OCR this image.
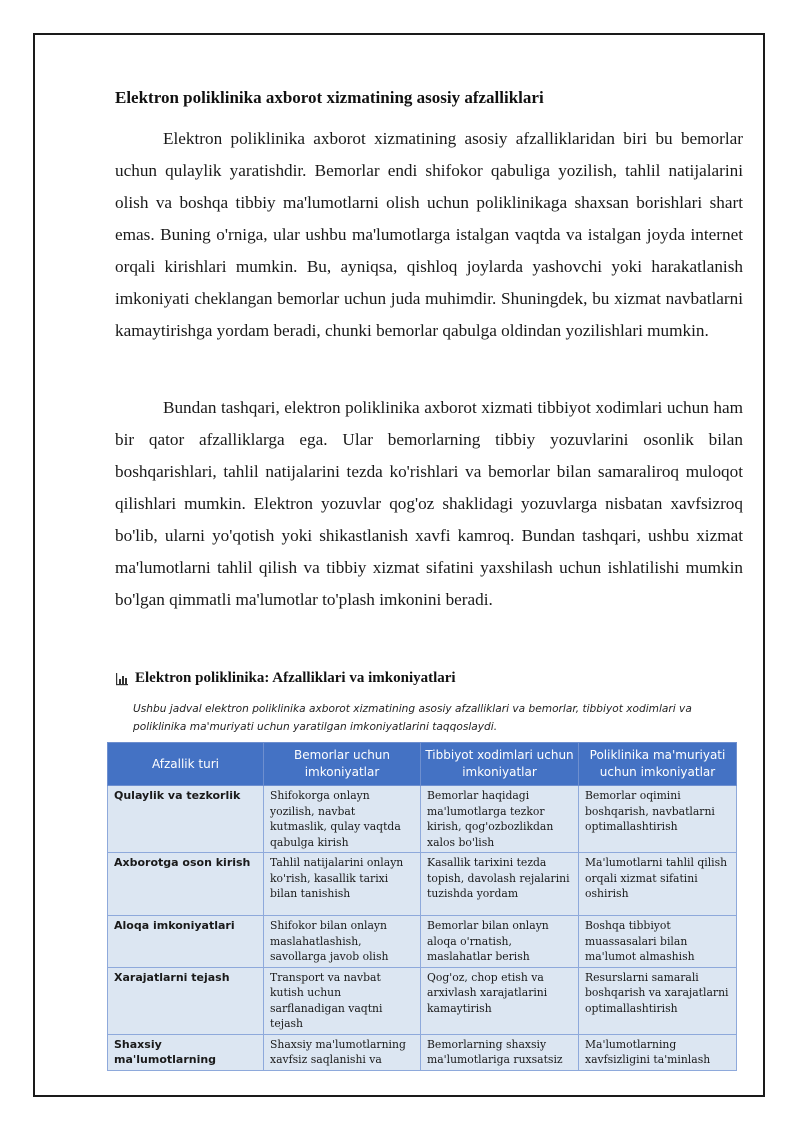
Elektron poliklinika axborot xizmatining asosiy afzalliklari

Elektron poliklinika axborot xizmatining asosiy afzalliklaridan biri bu bemorlar uchun qulaylik yaratishdir. Bemorlar endi shifokor qabuliga yozilish, tahlil natijalarini olish va boshqa tibbiy ma'lumotlarni olish uchun poliklinikaga shaxsan borishlari shart emas. Buning o'rniga, ular ushbu ma'lumotlarga istalgan vaqtda va istalgan joyda internet orqali kirishlari mumkin. Bu, ayniqsa, qishloq joylarda yashovchi yoki harakatlanish imkoniyati cheklangan bemorlar uchun juda muhimdir. Shuningdek, bu xizmat navbatlarni kamaytirishga yordam beradi, chunki bemorlar qabulga oldindan yozilishlari mumkin.

Bundan tashqari, elektron poliklinika axborot xizmati tibbiyot xodimlari uchun ham bir qator afzalliklarga ega. Ular bemorlarning tibbiy yozuvlarini osonlik bilan boshqarishlari, tahlil natijalarini tezda ko'rishlari va bemorlar bilan samaraliroq muloqot qilishlari mumkin. Elektron yozuvlar qog'oz shaklidagi yozuvlarga nisbatan xavfsizroq bo'lib, ularni yo'qotish yoki shikastlanish xavfi kamroq. Bundan tashqari, ushbu xizmat ma'lumotlarni tahlil qilish va tibbiy xizmat sifatini yaxshilash uchun ishlatilishi mumkin bo'lgan qimmatli ma'lumotlar to'plash imkonini beradi.

Elektron poliklinika: Afzalliklari va imkoniyatlari

Ushbu jadval elektron poliklinika axborot xizmatining asosiy afzalliklari va bemorlar, tibbiyot xodimlari va poliklinika ma'muriyati uchun yaratilgan imkoniyatlarini taqqoslaydi.

Afzallik turi	Bemorlar uchun imkoniyatlar	Tibbiyot xodimlari uchun imkoniyatlar	Poliklinika ma'muriyati uchun imkoniyatlar
Qulaylik va tezkorlik	Shifokorga onlayn yozilish, navbat kutmaslik, qulay vaqtda qabulga kirish	Bemorlar haqidagi ma'lumotlarga tezkor kirish, qog'ozbozlikdan xalos bo'lish	Bemorlar oqimini boshqarish, navbatlarni optimallashtirish
Axborotga oson kirish	Tahlil natijalarini onlayn ko'rish, kasallik tarixi bilan tanishish	Kasallik tarixini tezda topish, davolash rejalarini tuzishda yordam	Ma'lumotlarni tahlil qilish orqali xizmat sifatini oshirish
Aloqa imkoniyatlari	Shifokor bilan onlayn maslahatlashish, savollarga javob olish	Bemorlar bilan onlayn aloqa o'rnatish, maslahatlar berish	Boshqa tibbiyot muassasalari bilan ma'lumot almashish
Xarajatlarni tejash	Transport va navbat kutish uchun sarflanadigan vaqtni tejash	Qog'oz, chop etish va arxivlash xarajatlarini kamaytirish	Resurslarni samarali boshqarish va xarajatlarni optimallashtirish
Shaxsiy ma'lumotlarning	Shaxsiy ma'lumotlarning xavfsiz saqlanishi va	Bemorlarning shaxsiy ma'lumotlariga ruxsatsiz	Ma'lumotlarning xavfsizligini ta'minlash
